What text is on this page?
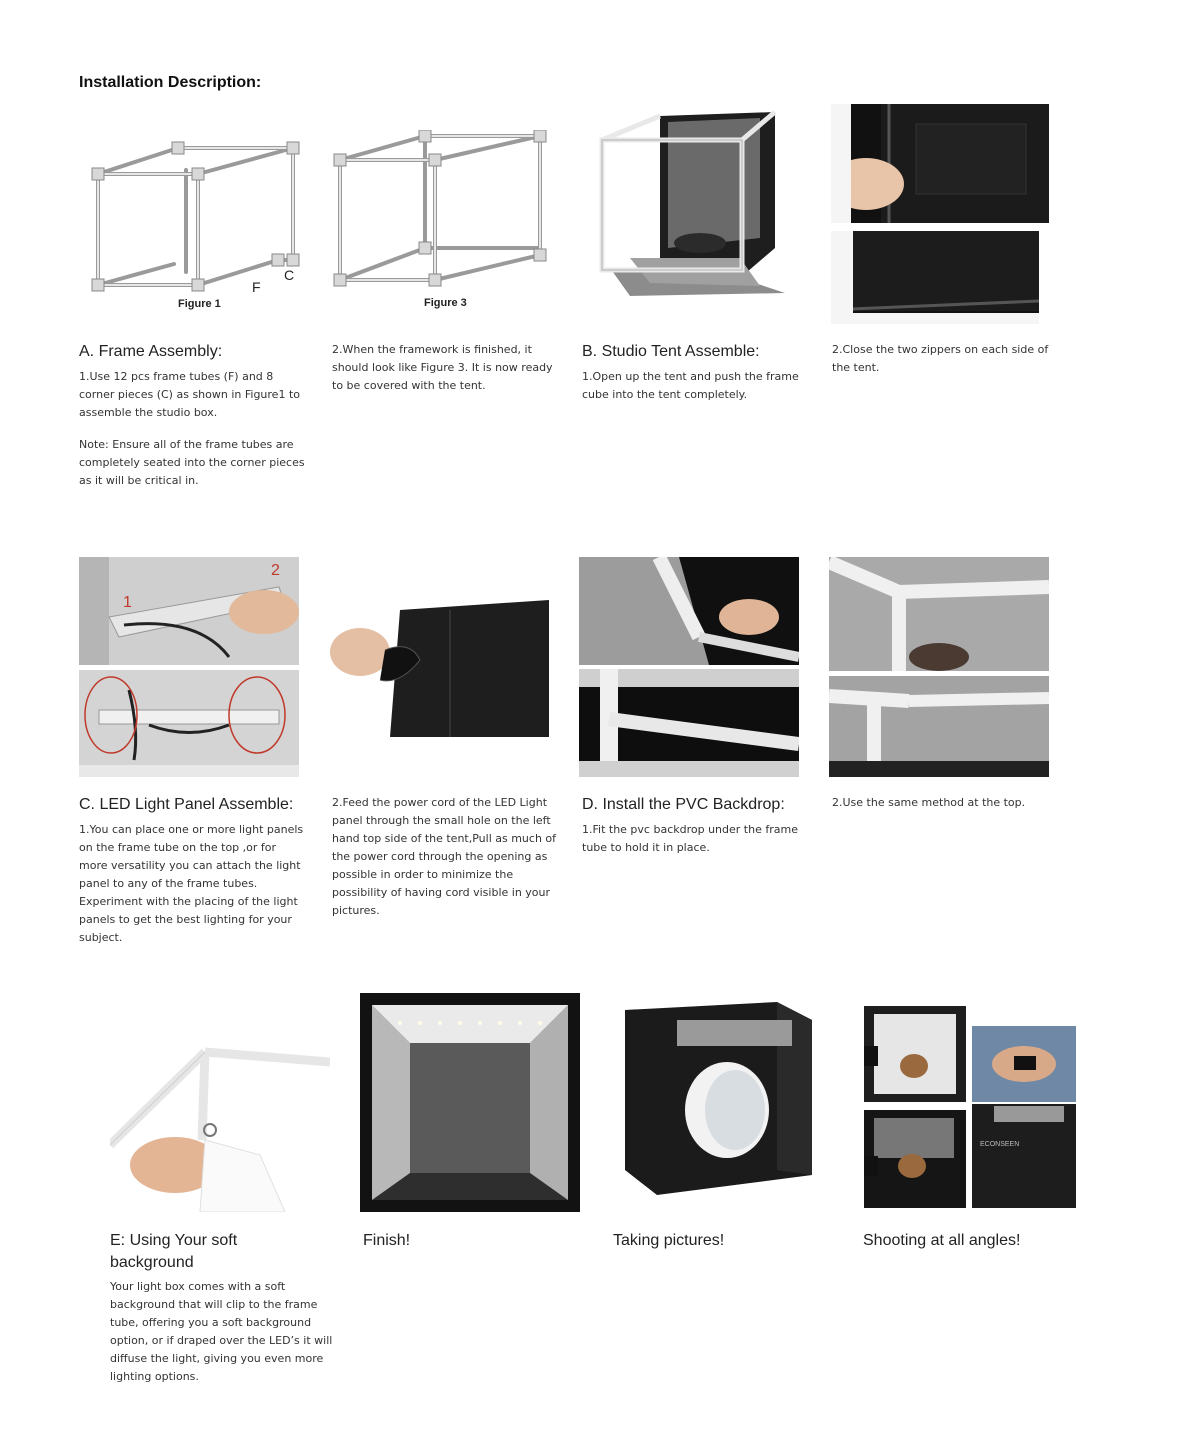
Installation Description:
F
C
Figure 1	Figure 3
A. Frame Assembly:
1.Use 12 pcs frame tubes (F) and 8
corner pieces (C) as shown in Figure1 to
assemble the studio box.
Note: Ensure all of the frame tubes are
completely seated into the corner pieces
as it will be critical in.
2.When the framework is finished, it
should look like Figure 3. It is now ready
to be covered with the tent.
B. Studio Tent Assemble:
1.Open up the tent and push the frame
cube into the tent completely.
2.Close the two zippers on each side of
the tent.
1
2
C. LED Light Panel Assemble:
1.You can place one or more light panels
on the frame tube on the top ,or for
more versatility you can attach the light
panel to any of the frame tubes.
Experiment with the placing of the light
panels to get the best lighting for your
subject.
2.Feed the power cord of the LED Light
panel through the small hole on the left
hand top side of the tent,Pull as much of
the power cord through the opening as
possible in order to minimize the
possibility of having cord visible in your
pictures.
D. Install the PVC Backdrop:
1.Fit the pvc backdrop under the frame
tube to hold it in place.
2.Use the same method at the top.
ECONSEEN
E: Using Your soft
background
Your light box comes with a soft
background that will clip to the frame
tube, offering you a soft background
option, or if draped over the LED’s it will
diffuse the light, giving you even more
lighting options.
Finish!	Taking pictures!	Shooting at all angles!
